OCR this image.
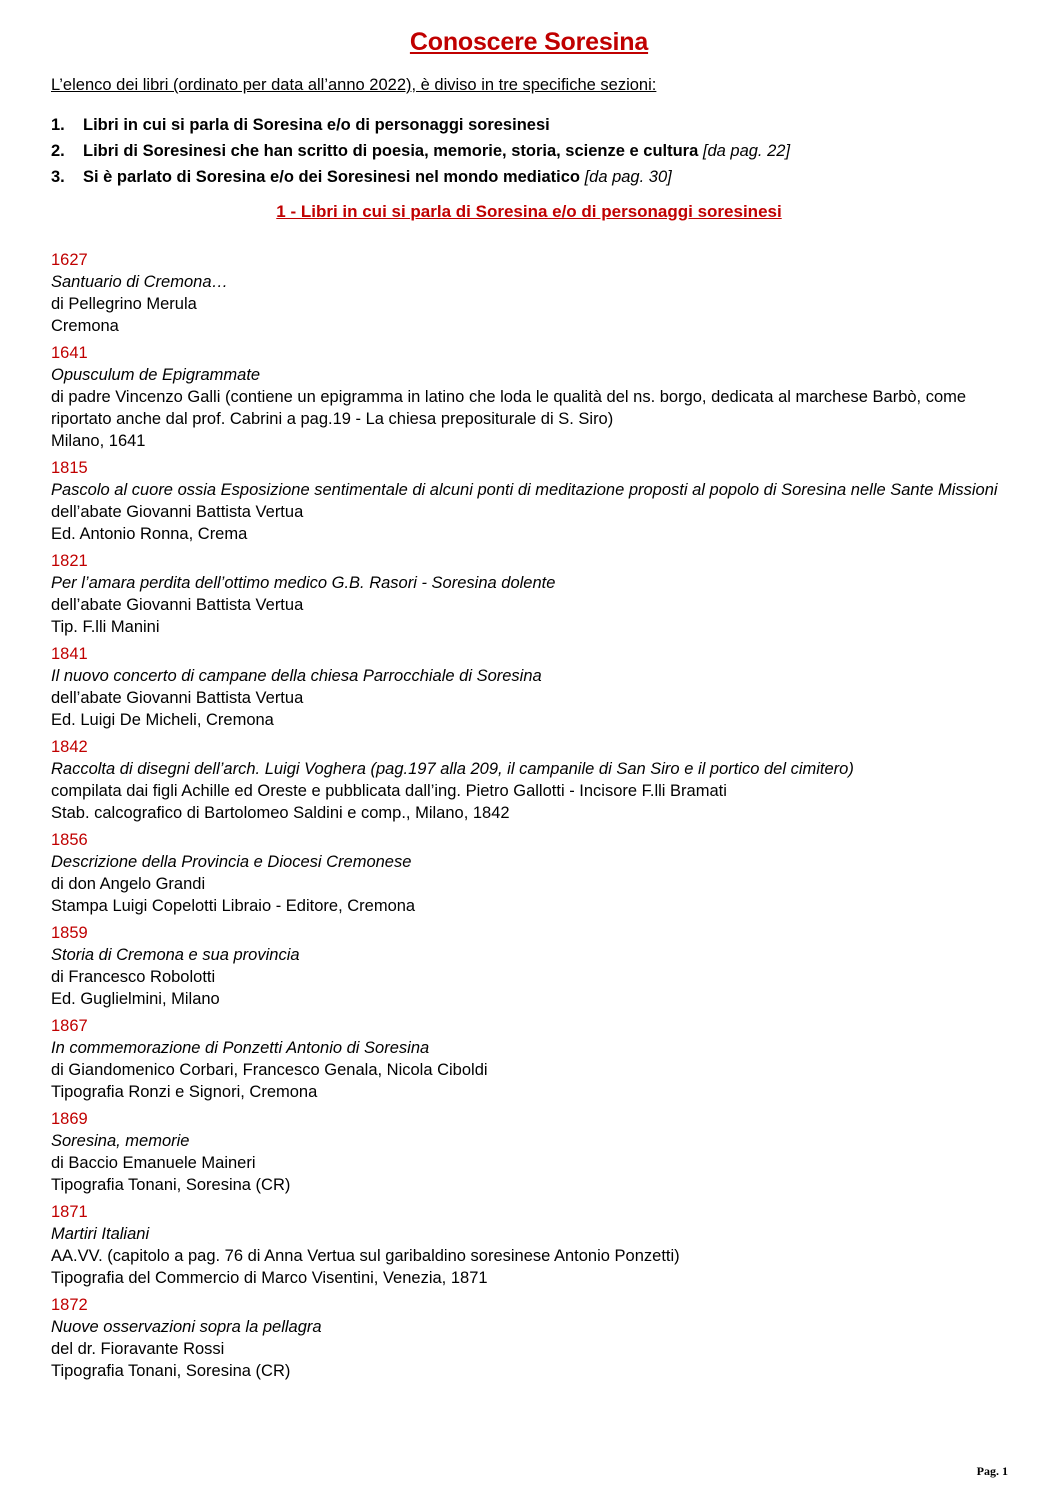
Conoscere Soresina
L’elenco dei libri (ordinato per data all’anno 2022), è diviso in tre specifiche sezioni:
1. Libri in cui si parla di Soresina e/o di personaggi soresinesi
2. Libri di Soresinesi che han scritto di poesia, memorie, storia, scienze e cultura [da pag. 22]
3. Si è parlato di Soresina e/o dei Soresinesi nel mondo mediatico [da pag. 30]
1 - Libri in cui si parla di Soresina e/o di personaggi soresinesi
1627
Santuario di Cremona…
di Pellegrino Merula
Cremona
1641
Opusculum de Epigrammate
di padre Vincenzo Galli (contiene un epigramma in latino che loda le qualità del ns. borgo, dedicata al marchese Barbò, come riportato anche dal prof. Cabrini a pag.19 - La chiesa prepositurale di S. Siro)
Milano, 1641
1815
Pascolo al cuore ossia Esposizione sentimentale di alcuni ponti di meditazione proposti al popolo di Soresina nelle Sante Missioni
dell’abate Giovanni Battista Vertua
Ed. Antonio Ronna, Crema
1821
Per l’amara perdita dell’ottimo medico G.B. Rasori - Soresina dolente
dell’abate Giovanni Battista Vertua
Tip. F.lli Manini
1841
Il nuovo concerto di campane della chiesa Parrocchiale di Soresina
dell’abate Giovanni Battista Vertua
Ed. Luigi De Micheli, Cremona
1842
Raccolta di disegni dell’arch. Luigi Voghera (pag.197 alla 209, il campanile di San Siro e il portico del cimitero)
compilata dai figli Achille ed Oreste e pubblicata dall’ing. Pietro Gallotti - Incisore F.lli Bramati
Stab. calcografico di Bartolomeo Saldini e comp., Milano, 1842
1856
Descrizione della Provincia e Diocesi Cremonese
di don Angelo Grandi
Stampa Luigi Copelotti Libraio - Editore, Cremona
1859
Storia di Cremona e sua provincia
di Francesco Robolotti
Ed. Guglielmini, Milano
1867
In commemorazione di Ponzetti Antonio di Soresina
di Giandomenico Corbari, Francesco Genala, Nicola Ciboldi
Tipografia Ronzi e Signori, Cremona
1869
Soresina, memorie
di Baccio Emanuele Maineri
Tipografia Tonani, Soresina (CR)
1871
Martiri Italiani
AA.VV. (capitolo a pag. 76 di Anna Vertua sul garibaldino soresinese Antonio Ponzetti)
Tipografia del Commercio di Marco Visentini, Venezia, 1871
1872
Nuove osservazioni sopra la pellagra
del dr. Fioravante Rossi
Tipografia Tonani, Soresina (CR)
Pag. 1
